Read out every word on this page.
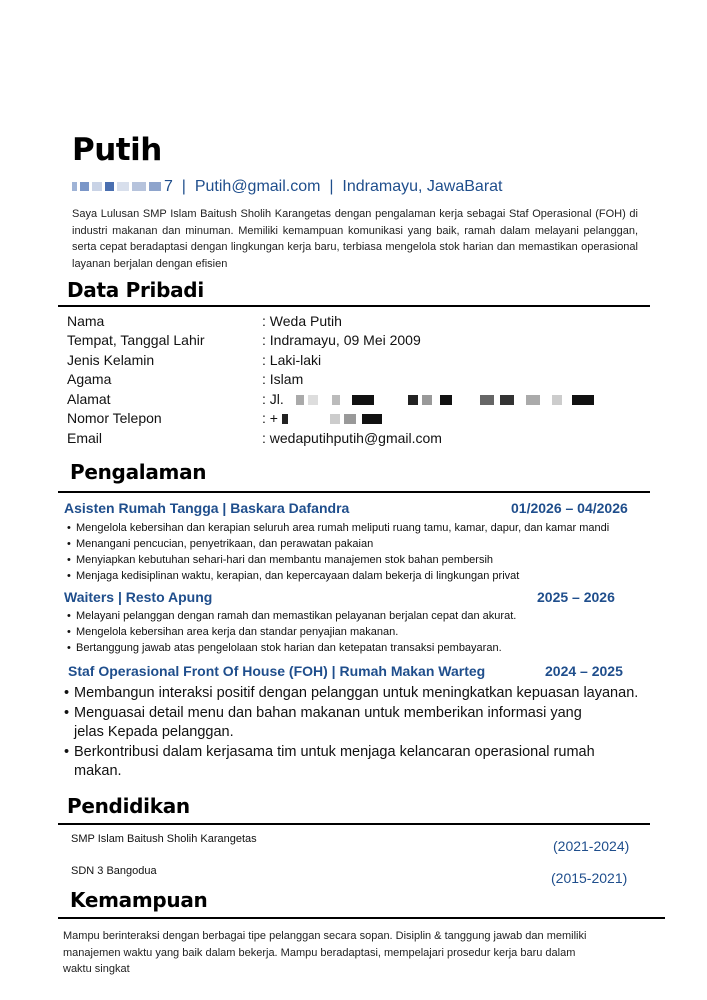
Putih
7 | Putih@gmail.com | Indramayu, JawaBarat
Saya Lulusan SMP Islam Baitush Sholih Karangetas dengan pengalaman kerja sebagai Staf Operasional (FOH) di industri makanan dan minuman. Memiliki kemampuan komunikasi yang baik, ramah dalam melayani pelanggan, serta cepat beradaptasi dengan lingkungan kerja baru, terbiasa mengelola stok harian dan memastikan operasional layanan berjalan dengan efisien
Data Pribadi
Nama	: Weda Putih
Tempat, Tanggal Lahir	: Indramayu, 09 Mei 2009
Jenis Kelamin	: Laki-laki
Agama	: Islam
Alamat	: Jl.
Nomor Telepon	: +
Email	: wedaputihputih@gmail.com
Pengalaman
Asisten Rumah Tangga | Baskara Dafandra	01/2026 – 04/2026
• Mengelola kebersihan dan kerapian seluruh area rumah meliputi ruang tamu, kamar, dapur, dan kamar mandi
• Menangani pencucian, penyetrikaan, dan perawatan pakaian
• Menyiapkan kebutuhan sehari-hari dan membantu manajemen stok bahan pembersih
• Menjaga kedisiplinan waktu, kerapian, dan kepercayaan dalam bekerja di lingkungan privat
Waiters | Resto Apung	2025 – 2026
• Melayani pelanggan dengan ramah dan memastikan pelayanan berjalan cepat dan akurat.
• Mengelola kebersihan area kerja dan standar penyajian makanan.
• Bertanggung jawab atas pengelolaan stok harian dan ketepatan transaksi pembayaran.
Staf Operasional Front Of House (FOH) | Rumah Makan Warteg	2024 – 2025
• Membangun interaksi positif dengan pelanggan untuk meningkatkan kepuasan layanan.
• Menguasai detail menu dan bahan makanan untuk memberikan informasi yang jelas Kepada pelanggan.
• Berkontribusi dalam kerjasama tim untuk menjaga kelancaran operasional rumah makan.
Pendidikan
SMP Islam Baitush Sholih Karangetas	(2021-2024)
SDN 3 Bangodua	(2015-2021)
Kemampuan
Mampu berinteraksi dengan berbagai tipe pelanggan secara sopan. Disiplin & tanggung jawab dan memiliki manajemen waktu yang baik dalam bekerja. Mampu beradaptasi, mempelajari prosedur kerja baru dalam waktu singkat
